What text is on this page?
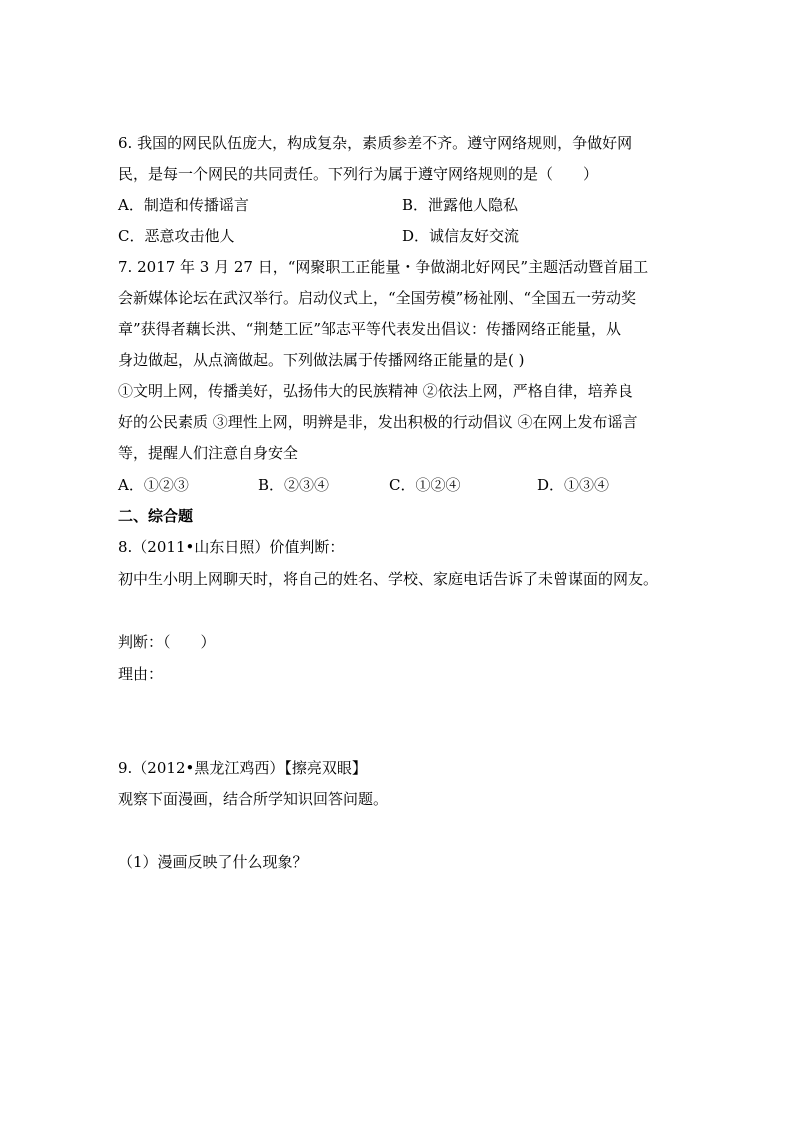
6. 我国的网民队伍庞大，构成复杂，素质参差不齐。遵守网络规则，争做好网
民，是每一个网民的共同责任。下列行为属于遵守网络规则的是（　　）
A．制造和传播谣言	B．泄露他人隐私
C．恶意攻击他人	D．诚信友好交流
7. 2017 年 3 月 27 日，“网聚职工正能量・争做湖北好网民”主题活动暨首届工
会新媒体论坛在武汉举行。启动仪式上，“全国劳模”杨祉刚、“全国五一劳动奖
章”获得者藕长洪、“荆楚工匠”邹志平等代表发出倡议：传播网络正能量，从
身边做起，从点滴做起。下列做法属于传播网络正能量的是( )
①文明上网，传播美好，弘扬伟大的民族精神 ②依法上网，严格自律，培养良
好的公民素质 ③理性上网，明辨是非，发出积极的行动倡议 ④在网上发布谣言
等，提醒人们注意自身安全
A．①②③	B．②③④	C．①②④	D．①③④
二、综合题
8.（2011•山东日照）价值判断：
初中生小明上网聊天时，将自己的姓名、学校、家庭电话告诉了未曾谋面的网友。
判断：（　　）
理由：
9.（2012•黑龙江鸡西）【擦亮双眼】
观察下面漫画，结合所学知识回答问题。
（1）漫画反映了什么现象？
